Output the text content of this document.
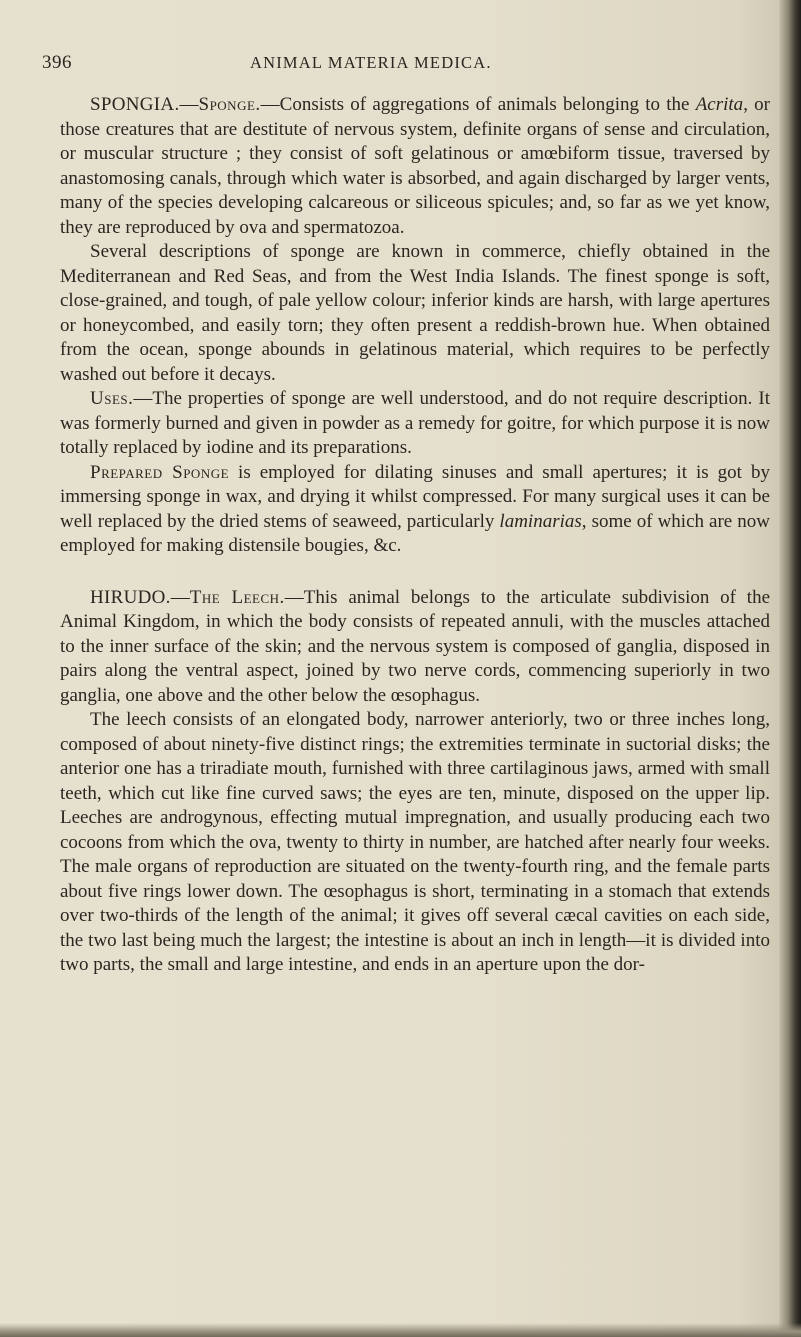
396	ANIMAL MATERIA MEDICA.

SPONGIA.—Sponge.—Consists of aggregations of animals belonging to the Acrita, or those creatures that are destitute of nervous system, definite organs of sense and circulation, or muscular structure ; they consist of soft gelatinous or amœbiform tissue, traversed by anastomosing canals, through which water is absorbed, and again discharged by larger vents, many of the species developing calcareous or siliceous spicules; and, so far as we yet know, they are reproduced by ova and spermatozoa.

Several descriptions of sponge are known in commerce, chiefly obtained in the Mediterranean and Red Seas, and from the West India Islands. The finest sponge is soft, close-grained, and tough, of pale yellow colour; inferior kinds are harsh, with large apertures or honeycombed, and easily torn; they often present a reddish-brown hue. When obtained from the ocean, sponge abounds in gelatinous material, which requires to be perfectly washed out before it decays.

Uses.—The properties of sponge are well understood, and do not require description. It was formerly burned and given in powder as a remedy for goitre, for which purpose it is now totally replaced by iodine and its preparations.

Prepared Sponge is employed for dilating sinuses and small apertures; it is got by immersing sponge in wax, and drying it whilst compressed. For many surgical uses it can be well replaced by the dried stems of seaweed, particularly laminarias, some of which are now employed for making distensile bougies, &c.

HIRUDO.—The Leech.—This animal belongs to the articulate subdivision of the Animal Kingdom, in which the body consists of repeated annuli, with the muscles attached to the inner surface of the skin; and the nervous system is composed of ganglia, disposed in pairs along the ventral aspect, joined by two nerve cords, commencing superiorly in two ganglia, one above and the other below the œsophagus.

The leech consists of an elongated body, narrower anteriorly, two or three inches long, composed of about ninety-five distinct rings; the extremities terminate in suctorial disks; the anterior one has a triradiate mouth, furnished with three cartilaginous jaws, armed with small teeth, which cut like fine curved saws; the eyes are ten, minute, disposed on the upper lip. Leeches are androgynous, effecting mutual impregnation, and usually producing each two cocoons from which the ova, twenty to thirty in number, are hatched after nearly four weeks. The male organs of reproduction are situated on the twenty-fourth ring, and the female parts about five rings lower down. The œsophagus is short, terminating in a stomach that extends over two-thirds of the length of the animal; it gives off several cæcal cavities on each side, the two last being much the largest; the intestine is about an inch in length—it is divided into two parts, the small and large intestine, and ends in an aperture upon the dor-
